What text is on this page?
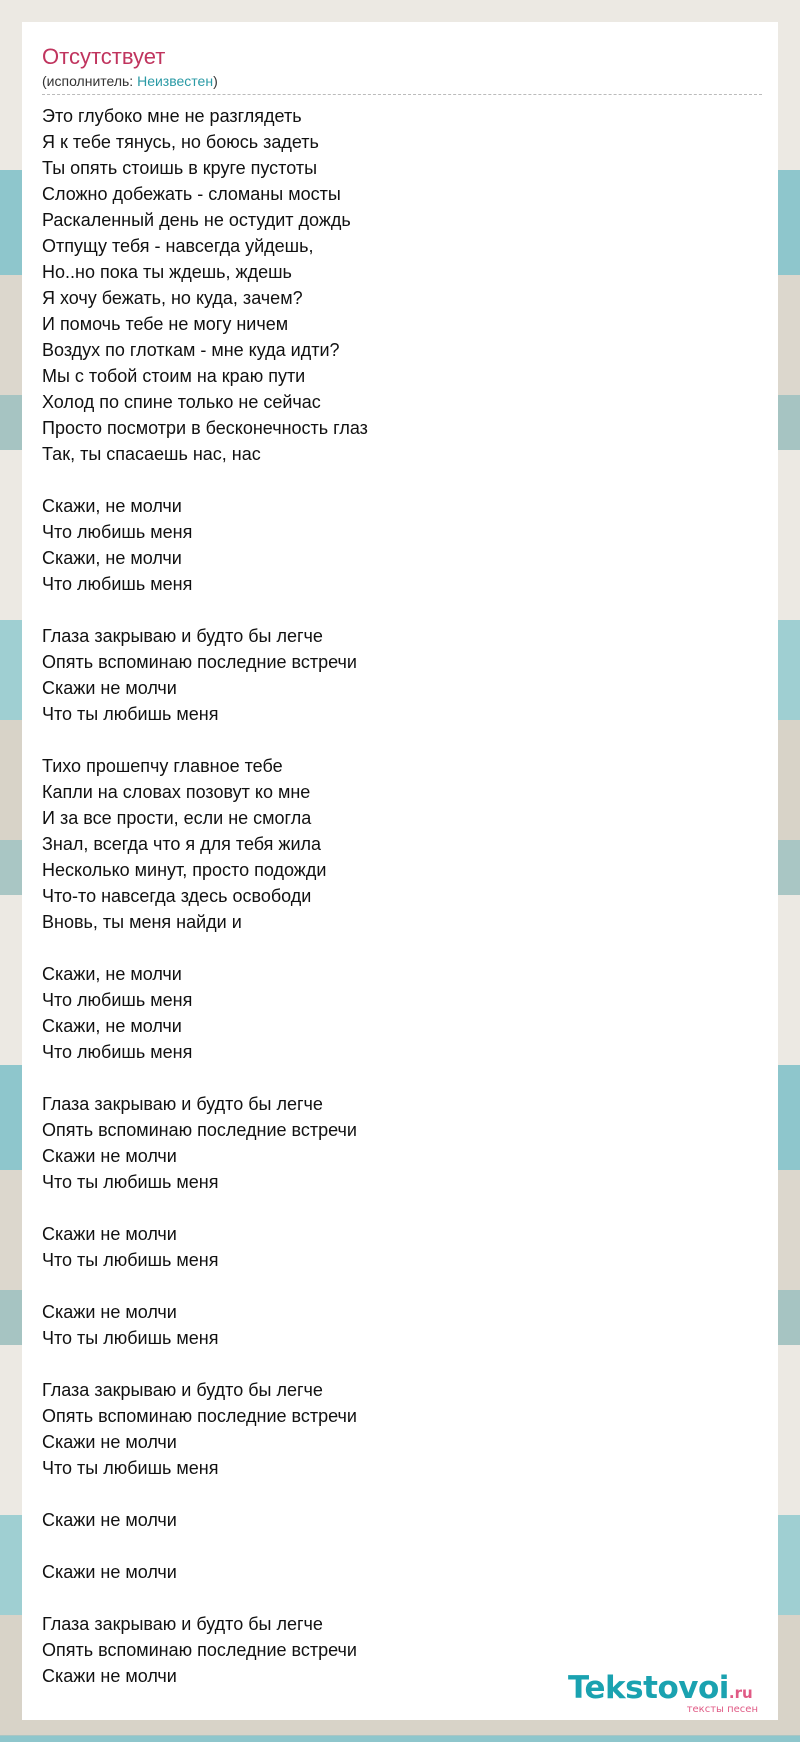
Отсутствует
(исполнитель: Неизвестен)
Это глубоко мне не разглядеть
Я к тебе тянусь, но боюсь задеть
Ты опять стоишь в круге пустоты
Сложно добежать - сломаны мосты
Раскаленный день не остудит дождь
Отпущу тебя - навсегда уйдешь,
Но..но пока ты ждешь, ждешь
Я хочу бежать, но куда, зачем?
И помочь тебе не могу ничем
Воздух по глоткам - мне куда идти?
Мы с тобой стоим на краю пути
Холод по спине только не сейчас
Просто посмотри в бесконечность глаз
Так, ты спасаешь нас, нас
Скажи, не молчи
Что любишь меня
Скажи, не молчи
Что любишь меня
Глаза закрываю и будто бы легче
Опять вспоминаю последние встречи
Скажи не молчи
Что ты любишь меня
Тихо прошепчу главное тебе
Капли на словах позовут ко мне
И за все прости, если не смогла
Знал, всегда что я для тебя жила
Несколько минут, просто подожди
Что-то навсегда здесь освободи
Вновь, ты меня найди и
Скажи, не молчи
Что любишь меня
Скажи, не молчи
Что любишь меня
Глаза закрываю и будто бы легче
Опять вспоминаю последние встречи
Скажи не молчи
Что ты любишь меня
Скажи не молчи
Что ты любишь меня
Скажи не молчи
Что ты любишь меня
Глаза закрываю и будто бы легче
Опять вспоминаю последние встречи
Скажи не молчи
Что ты любишь меня
Скажи не молчи
Скажи не молчи
Глаза закрываю и будто бы легче
Опять вспоминаю последние встречи
Скажи не молчи	Tekstovoi.ru
тексты песен
